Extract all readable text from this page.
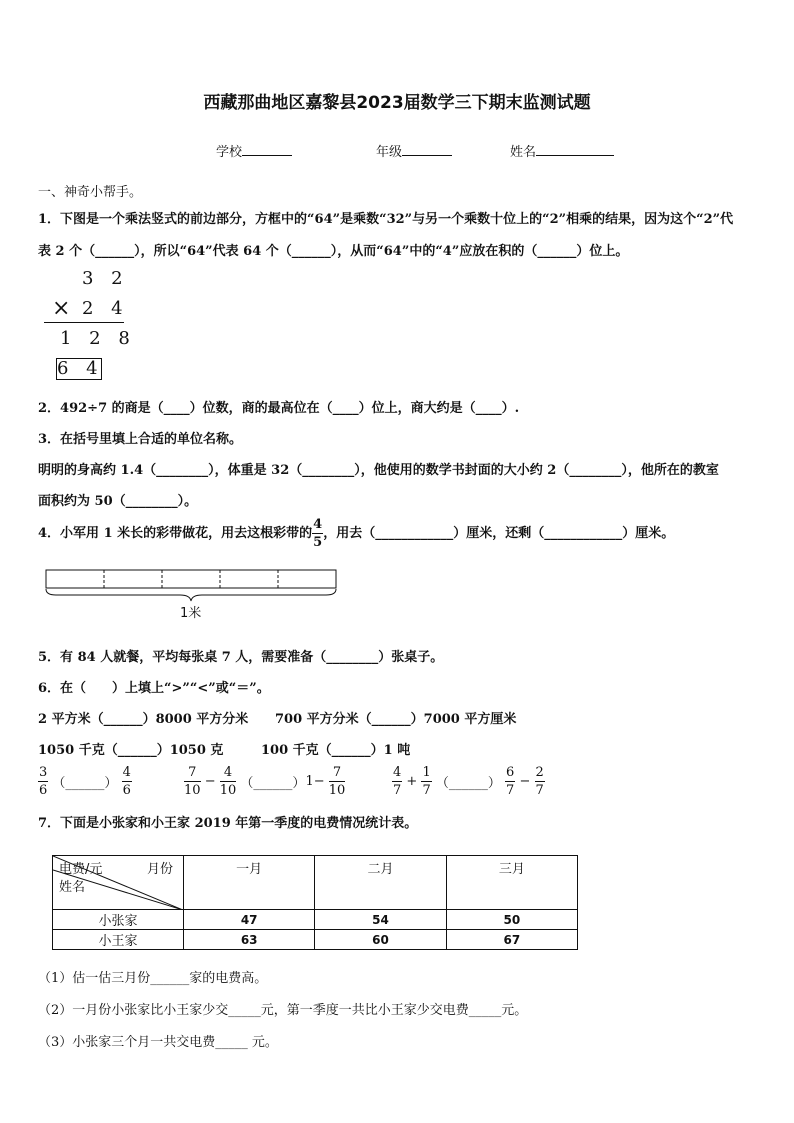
西藏那曲地区嘉黎县2023届数学三下期末监测试题
学校	年级	姓名
一、神奇小帮手。
1．下图是一个乘法竖式的前边部分，方框中的“64”是乘数“32”与另一个乘数十位上的“2”相乘的结果，因为这个“2”代
表 2 个（______），所以“64”代表 64 个（______），从而“64”中的“4”应放在积的（______）位上。
3 2
× 2 4
1 2 8
6 4
2．492÷7 的商是（____）位数，商的最高位在（____）位上，商大约是（____）.
3．在括号里填上合适的单位名称。
明明的身高约 1.4（________），体重是 32（________），他使用的数学书封面的大小约 2（________），他所在的教室
面积约为 50（________）。
4．小军用 1 米长的彩带做花，用去这根彩带的 $\frac{4}{5}$ ，用去（____________）厘米，还剩（____________）厘米。
1米
5．有 84 人就餐，平均每张桌 7 人，需要准备（________）张桌子。
6．在（　　）上填上“>”“<”或“＝”。
2 平方米（______）8000 平方分米 700 平方分米（______）7000 平方厘米
1050 千克（______）1050 克	100 千克（______）1 吨
$\frac{3}{6}$ （______） $\frac{4}{6}$	$\frac{7}{10} - \frac{4}{10}$ （______）1− $\frac{7}{10}$	$\frac{4}{7} + \frac{1}{7}$ （______） $\frac{6}{7} - \frac{2}{7}$
7．下面是小张家和小王家 2019 年第一季度的电费情况统计表。
电费/元 月份
姓名	一月	二月	三月
小张家	47	54	50
小王家	63	60	67
（1）估一估三月份______家的电费高。
（2）一月份小张家比小王家少交_____元，第一季度一共比小王家少交电费_____元。
（3）小张家三个月一共交电费_____ 元。
